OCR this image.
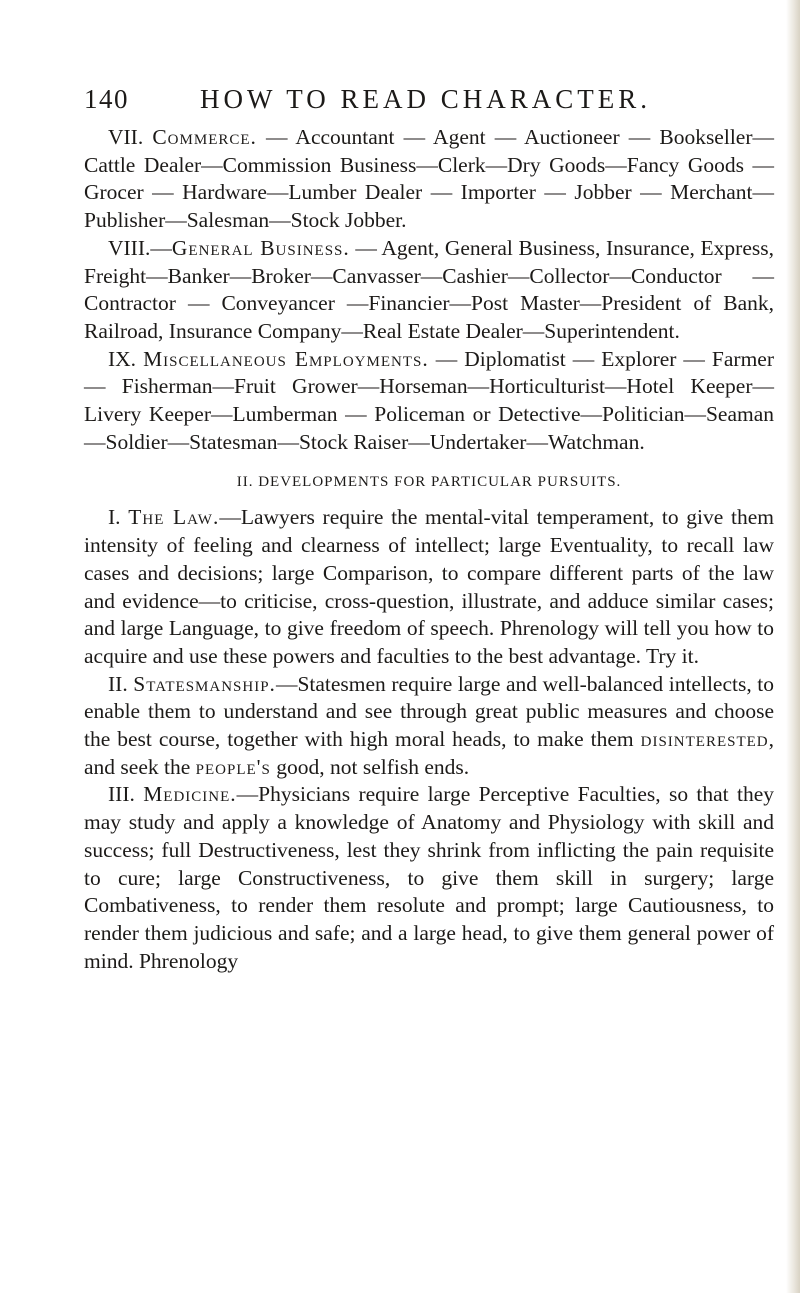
140	HOW TO READ CHARACTER.

VII. Commerce. — Accountant — Agent — Auctioneer — Bookseller—Cattle Dealer—Commission Business—Clerk—Dry Goods—Fancy Goods — Grocer — Hardware—Lumber Dealer — Importer — Jobber — Merchant—Publisher—Salesman—Stock Jobber.

VIII.—General Business. — Agent, General Business, Insurance, Express, Freight—Banker—Broker—Canvasser—Cashier—Collector—Conductor — Contractor — Conveyancer —Financier—Post Master—President of Bank, Railroad, Insurance Company—Real Estate Dealer—Superintendent.

IX. Miscellaneous Employments. — Diplomatist — Explorer — Farmer — Fisherman—Fruit Grower—Horseman—Horticulturist—Hotel Keeper—Livery Keeper—Lumberman — Policeman or Detective—Politician—Seaman—Soldier—Statesman—Stock Raiser—Undertaker—Watchman.

II. DEVELOPMENTS FOR PARTICULAR PURSUITS.

I. The Law.—Lawyers require the mental-vital temperament, to give them intensity of feeling and clearness of intellect; large Eventuality, to recall law cases and decisions; large Comparison, to compare different parts of the law and evidence—to criticise, cross-question, illustrate, and adduce similar cases; and large Language, to give freedom of speech. Phrenology will tell you how to acquire and use these powers and faculties to the best advantage. Try it.

II. Statesmanship.—Statesmen require large and well-balanced intellects, to enable them to understand and see through great public measures and choose the best course, together with high moral heads, to make them disinterested, and seek the people's good, not selfish ends.

III. Medicine.—Physicians require large Perceptive Faculties, so that they may study and apply a knowledge of Anatomy and Physiology with skill and success; full Destructiveness, lest they shrink from inflicting the pain requisite to cure; large Constructiveness, to give them skill in surgery; large Combativeness, to render them resolute and prompt; large Cautiousness, to render them judicious and safe; and a large head, to give them general power of mind. Phrenology
